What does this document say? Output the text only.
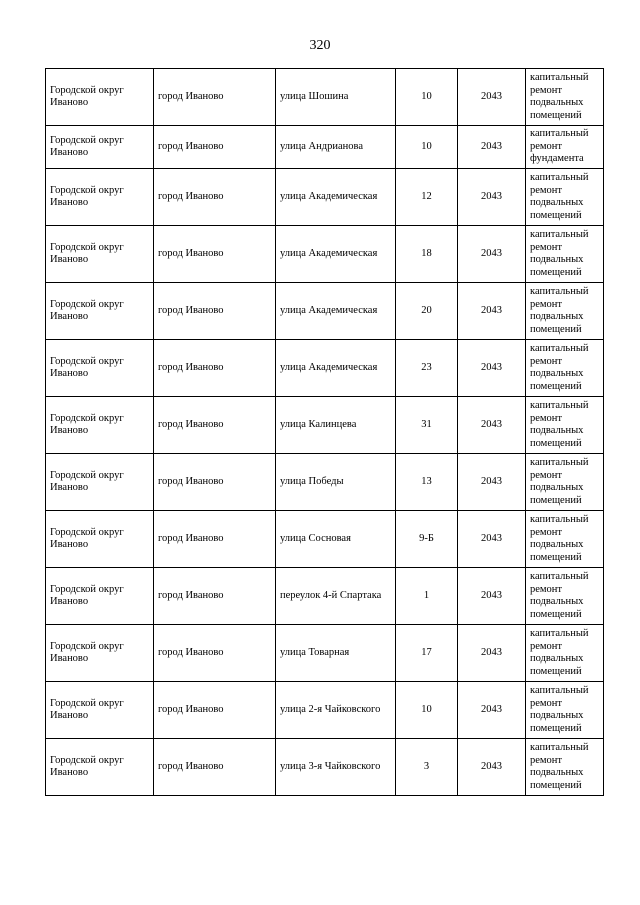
320
Городской округ Иваново	город Иваново	улица Шошина	10	2043	капитальный ремонт подвальных помещений
Городской округ Иваново	город Иваново	улица Андрианова	10	2043	капитальный ремонт фундамента
Городской округ Иваново	город Иваново	улица Академическая	12	2043	капитальный ремонт подвальных помещений
Городской округ Иваново	город Иваново	улица Академическая	18	2043	капитальный ремонт подвальных помещений
Городской округ Иваново	город Иваново	улица Академическая	20	2043	капитальный ремонт подвальных помещений
Городской округ Иваново	город Иваново	улица Академическая	23	2043	капитальный ремонт подвальных помещений
Городской округ Иваново	город Иваново	улица Калинцева	31	2043	капитальный ремонт подвальных помещений
Городской округ Иваново	город Иваново	улица Победы	13	2043	капитальный ремонт подвальных помещений
Городской округ Иваново	город Иваново	улица Сосновая	9-Б	2043	капитальный ремонт подвальных помещений
Городской округ Иваново	город Иваново	переулок 4-й Спартака	1	2043	капитальный ремонт подвальных помещений
Городской округ Иваново	город Иваново	улица Товарная	17	2043	капитальный ремонт подвальных помещений
Городской округ Иваново	город Иваново	улица 2-я Чайковского	10	2043	капитальный ремонт подвальных помещений
Городской округ Иваново	город Иваново	улица 3-я Чайковского	3	2043	капитальный ремонт подвальных помещений
